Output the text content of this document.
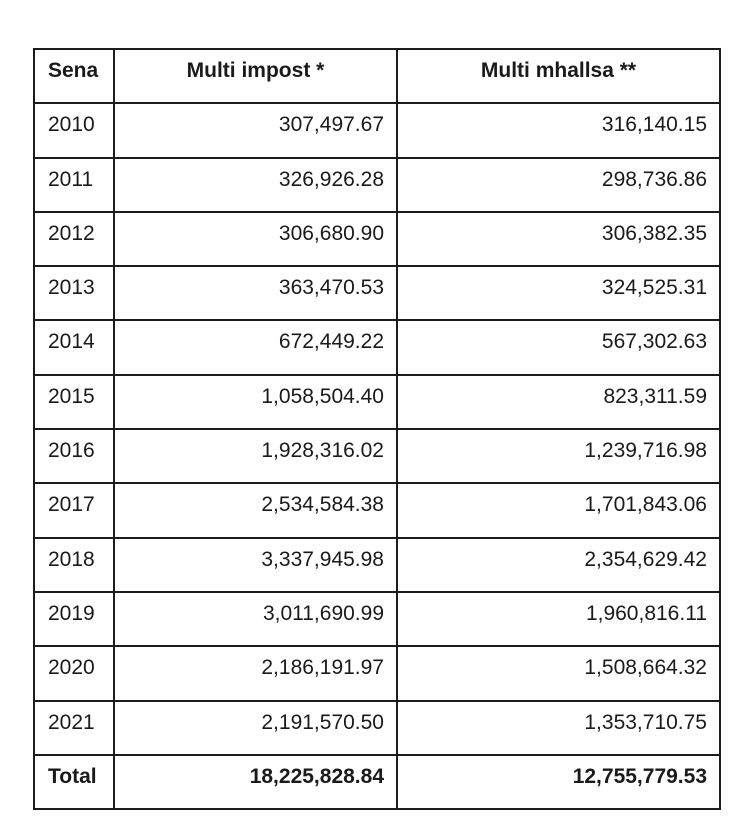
Sena	Multi impost *	Multi mhallsa **
2010	307,497.67	316,140.15
2011	326,926.28	298,736.86
2012	306,680.90	306,382.35
2013	363,470.53	324,525.31
2014	672,449.22	567,302.63
2015	1,058,504.40	823,311.59
2016	1,928,316.02	1,239,716.98
2017	2,534,584.38	1,701,843.06
2018	3,337,945.98	2,354,629.42
2019	3,011,690.99	1,960,816.11
2020	2,186,191.97	1,508,664.32
2021	2,191,570.50	1,353,710.75
Total	18,225,828.84	12,755,779.53
